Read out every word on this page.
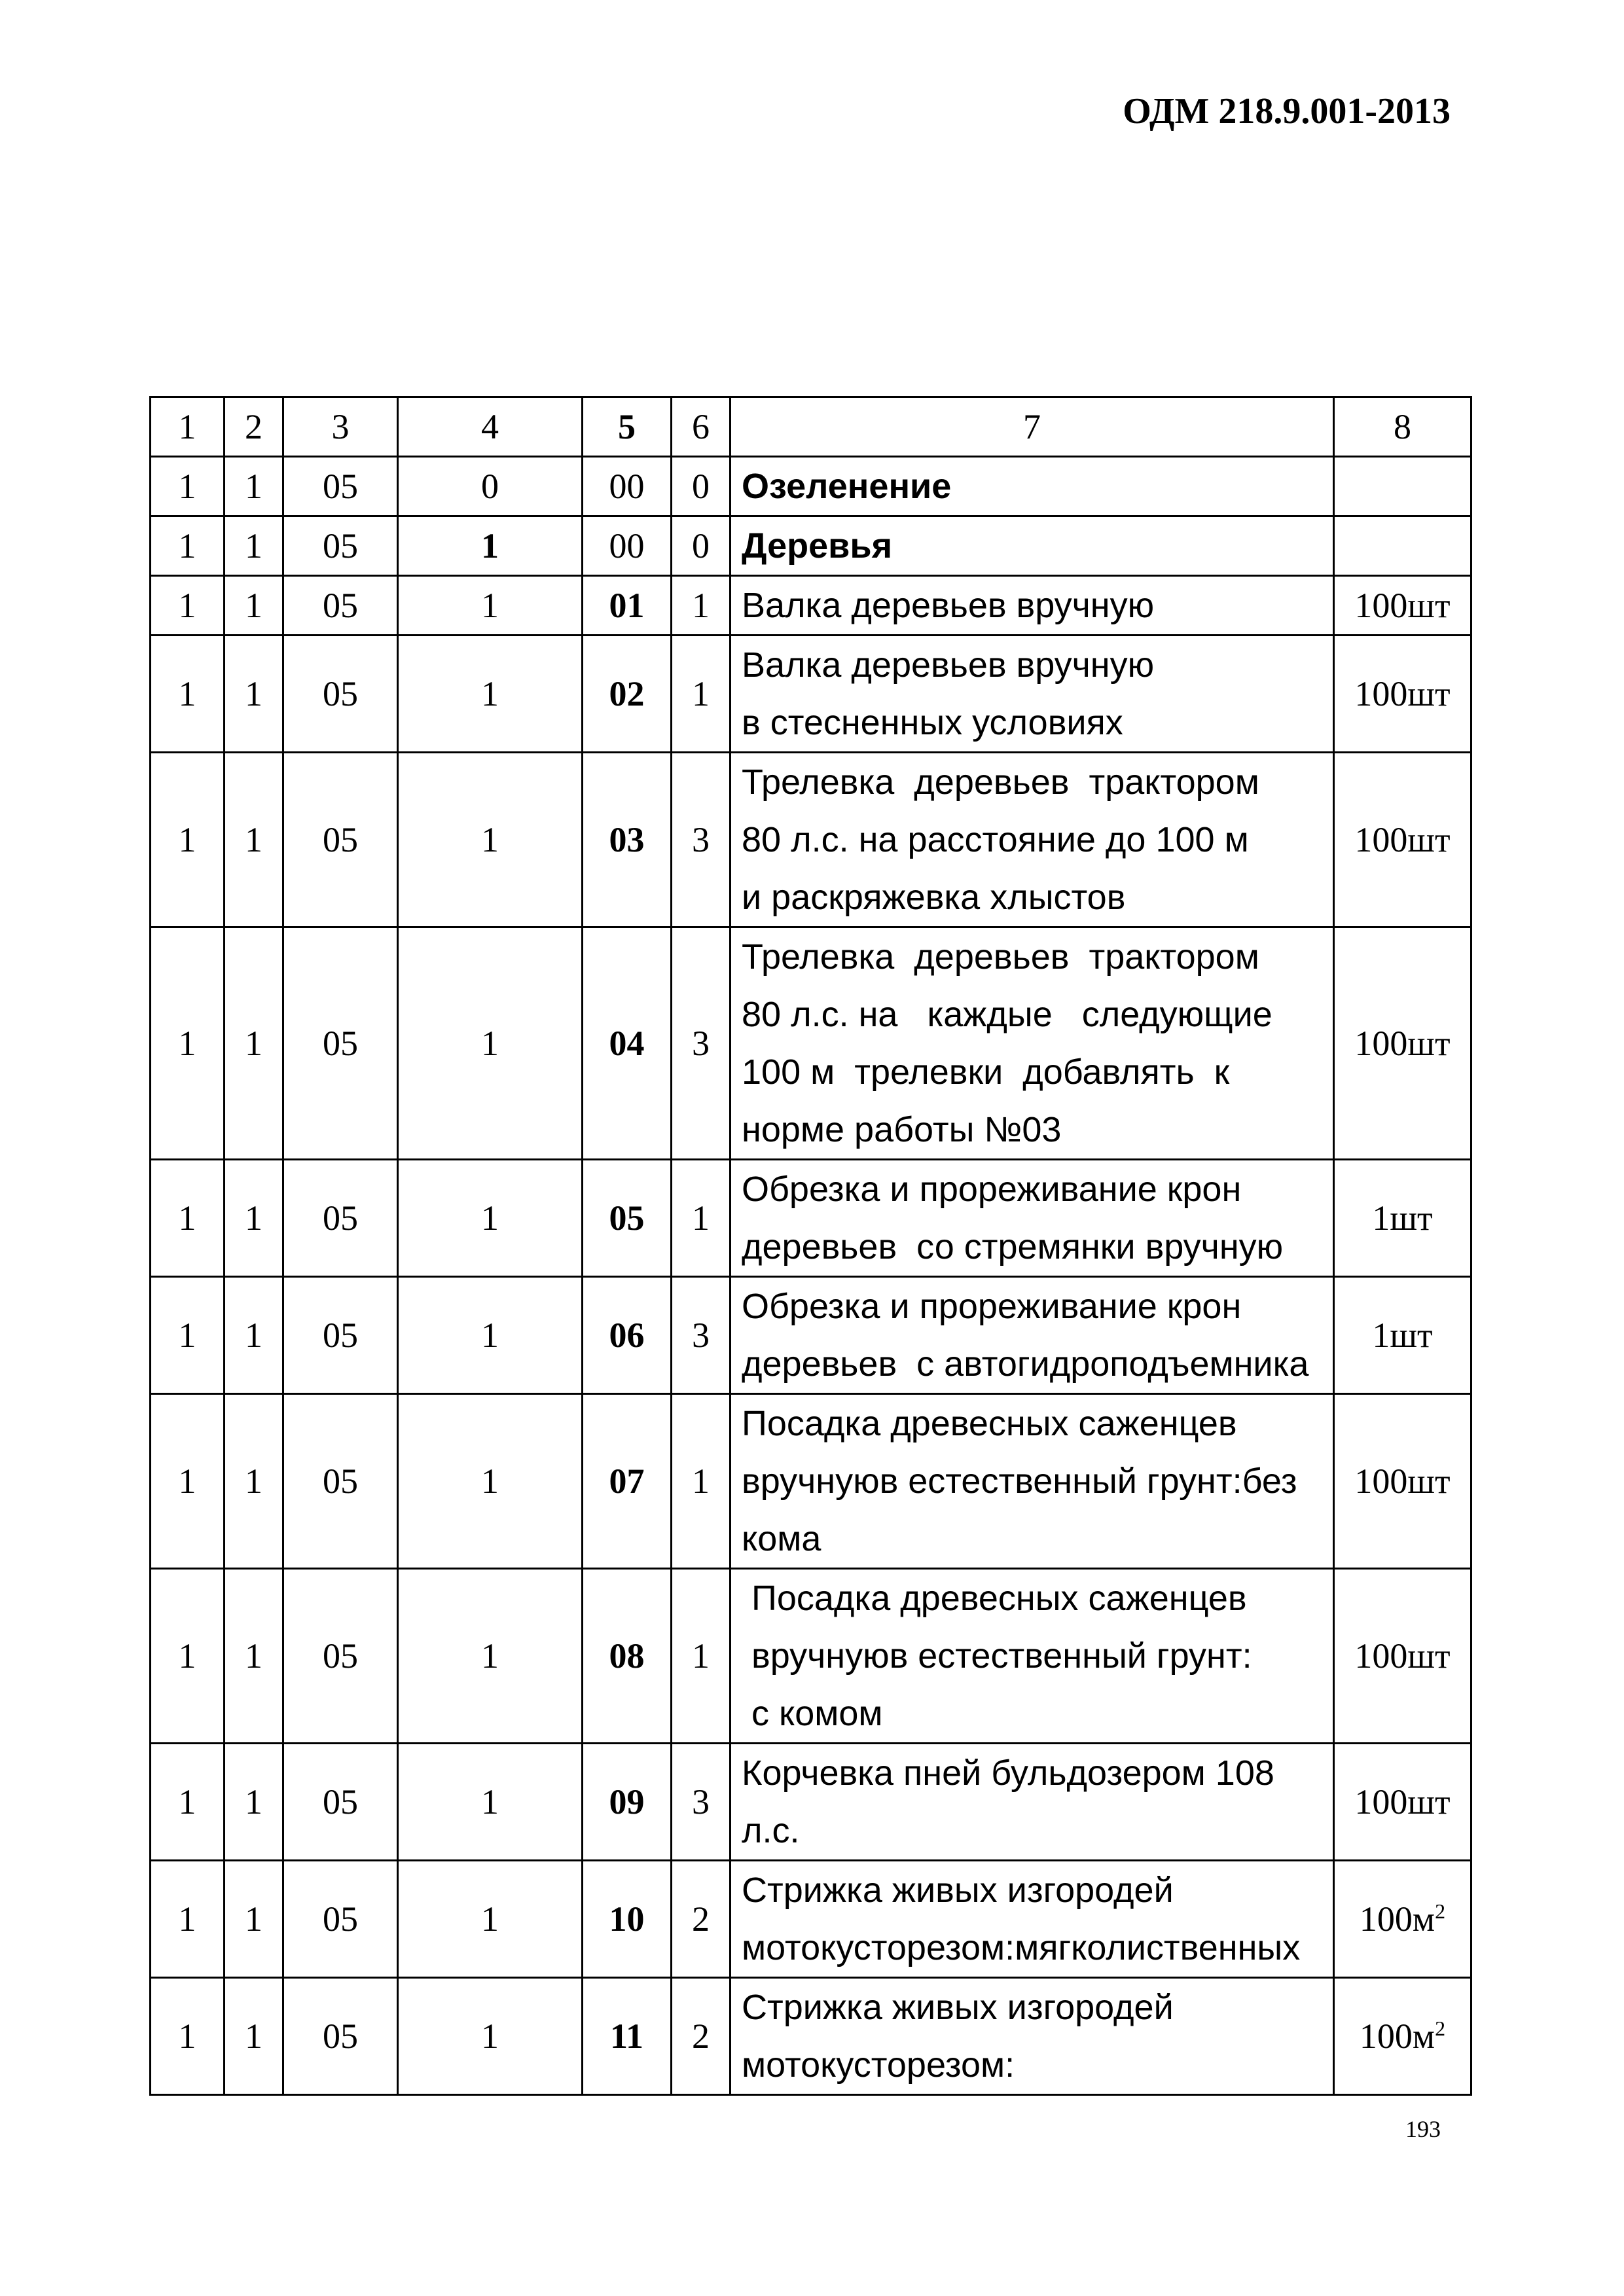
ОДМ 218.9.001-2013
1	2	3	4	5	6	7	8
1	1	05	0	00	0	Озеленение	

1	1	05	1	00	0	Деревья	

1	1	05	1	01	1	Валка деревьев вручную	100шт
1	1	05	1	02	1	Валка деревьев вручную
в стесненных условиях	100шт
1	1	05	1	03	3	Трелевка  деревьев  трактором
80 л.с. на расстояние до 100 м
и раскряжевка хлыстов	100шт
1	1	05	1	04	3	Трелевка  деревьев  трактором
80 л.с. на   каждые   следующие
100 м  трелевки  добавлять  к
норме работы №03	100шт
1	1	05	1	05	1	Обрезка и прореживание крон
деревьев  со стремянки вручную	1шт
1	1	05	1	06	3	Обрезка и прореживание крон
деревьев  с автогидроподъемника	1шт
1	1	05	1	07	1	Посадка древесных саженцев
вручнуюв естественный грунт:без
кома	100шт
1	1	05	1	08	1	Посадка древесных саженцев
вручнуюв естественный грунт:
с комом	100шт
1	1	05	1	09	3	Корчевка пней бульдозером 108
л.с.	100шт
1	1	05	1	10	2	Стрижка живых изгородей
мотокусторезом:мягколиственных	$100м^2$
1	1	05	1	11	2	Стрижка живых изгородей
мотокусторезом:	$100м^2$
193
